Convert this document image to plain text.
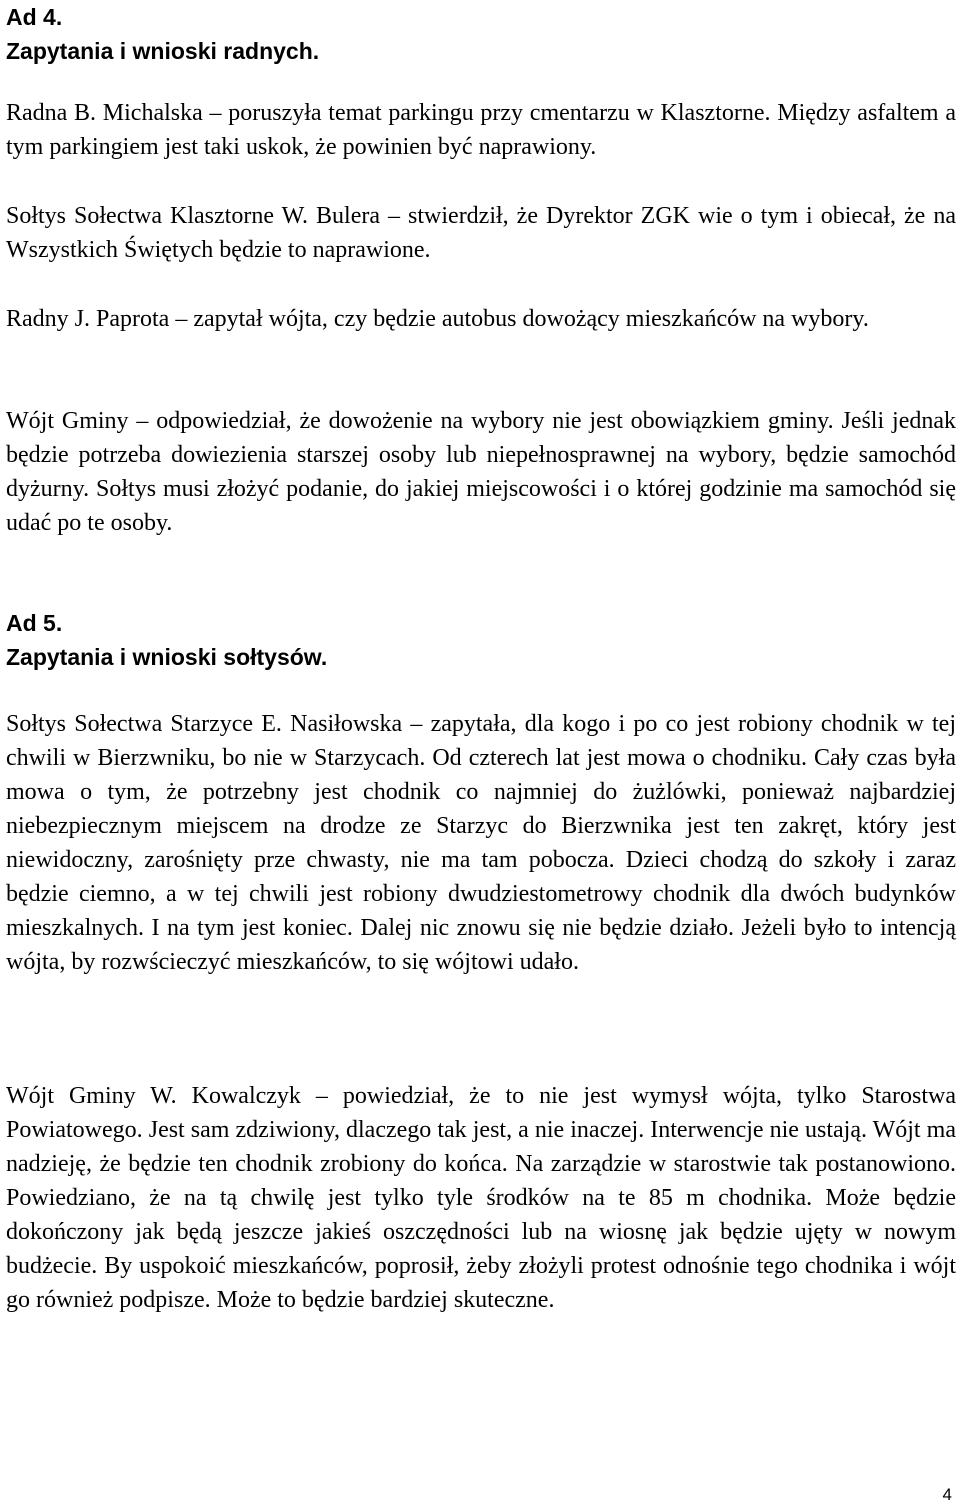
Ad 4.

Zapytania i wnioski radnych.

Radna B. Michalska – poruszyła temat parkingu przy cmentarzu w Klasztorne. Między asfaltem a tym parkingiem jest taki uskok, że powinien być naprawiony.

Sołtys Sołectwa Klasztorne W. Bulera – stwierdził, że Dyrektor ZGK wie o tym i obiecał, że na Wszystkich Świętych będzie to naprawione.

Radny J. Paprota – zapytał wójta, czy będzie autobus dowożący mieszkańców na wybory.

Wójt Gminy – odpowiedział, że dowożenie na wybory nie jest obowiązkiem gminy. Jeśli jednak będzie potrzeba dowiezienia starszej osoby lub niepełnosprawnej na wybory, będzie samochód dyżurny. Sołtys musi złożyć podanie, do jakiej miejscowości i o której godzinie ma samochód się udać po te osoby.

Ad 5.

Zapytania i wnioski sołtysów.

Sołtys Sołectwa Starzyce E. Nasiłowska – zapytała, dla kogo i po co jest robiony chodnik w tej chwili w Bierzwniku, bo nie w Starzycach. Od czterech lat jest mowa o chodniku. Cały czas była mowa o tym, że potrzebny jest chodnik co najmniej do żużlówki, ponieważ najbardziej niebezpiecznym miejscem na drodze ze Starzyc do Bierzwnika jest ten zakręt, który jest niewidoczny, zarośnięty prze chwasty, nie ma tam pobocza. Dzieci chodzą do szkoły i zaraz będzie ciemno, a w tej chwili jest robiony dwudziestometrowy chodnik dla dwóch budynków mieszkalnych. I na tym jest koniec. Dalej nic znowu się nie będzie działo. Jeżeli było to intencją wójta, by rozwścieczyć mieszkańców, to się wójtowi udało.

Wójt Gminy W. Kowalczyk – powiedział, że to nie jest wymysł wójta, tylko Starostwa Powiatowego. Jest sam zdziwiony, dlaczego tak jest, a nie inaczej. Interwencje nie ustają. Wójt ma nadzieję, że będzie ten chodnik zrobiony do końca. Na zarządzie w starostwie tak postanowiono. Powiedziano, że na tą chwilę jest tylko tyle środków na te 85 m chodnika. Może będzie dokończony jak będą jeszcze jakieś oszczędności lub na wiosnę jak będzie ujęty w nowym budżecie. By uspokoić mieszkańców, poprosił, żeby złożyli protest odnośnie tego chodnika i wójt go również podpisze. Może to będzie bardziej skuteczne.

4
